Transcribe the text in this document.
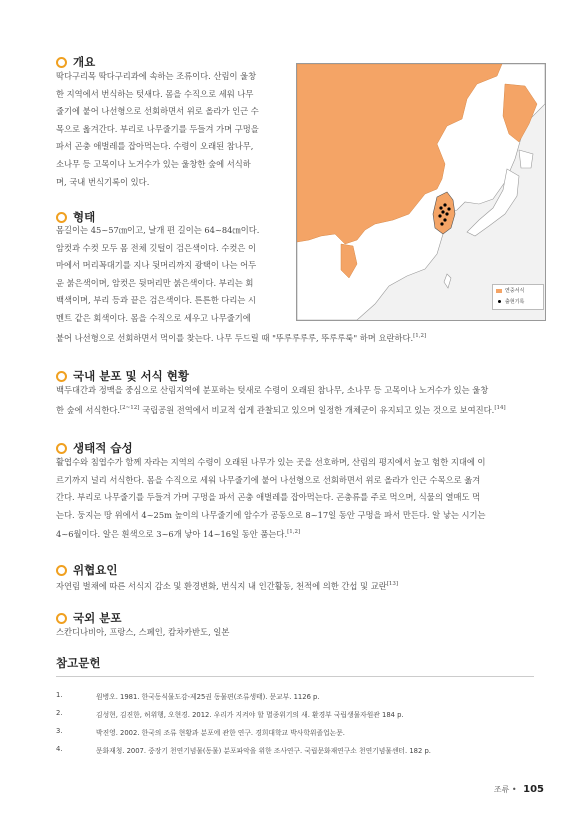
개요

딱다구리목 딱다구리과에 속하는 조류이다. 산림이 울창
한 지역에서 번식하는 텃새다. 몸을 수직으로 세워 나무
줄기에 붙어 나선형으로 선회하면서 위로 올라가 인근 수
목으로 옮겨간다. 부리로 나무줄기를 두들겨 가며 구멍을
파서 곤충 애벌레를 잡아먹는다. 수령이 오래된 참나무,
소나무 등 고목이나 노거수가 있는 울창한 숲에 서식하
며, 국내 번식기록이 있다.

형태

몸길이는 45~57㎝이고, 날개 편 길이는 64~84㎝이다.
암컷과 수컷 모두 몸 전체 깃털이 검은색이다. 수컷은 이
마에서 머리꼭대기를 지나 뒷머리까지 광택이 나는 어두
운 붉은색이며, 암컷은 뒷머리만 붉은색이다. 부리는 회
백색이며, 부리 등과 끝은 검은색이다. 튼튼한 다리는 시
멘트 같은 회색이다. 몸을 수직으로 세우고 나무줄기에
붙어 나선형으로 선회하면서 먹이를 찾는다. 나무 두드릴 때 "뚜루루루루, 뚜루루룩" 하며 요란하다.[1,2]

연중서식
출현기록
국내 분포 및 서식 현황

백두대간과 정맥을 중심으로 산림지역에 분포하는 텃새로 수령이 오래된 참나무, 소나무 등 고목이나 노거수가 있는 울창
한 숲에 서식한다.[2~12] 국립공원 전역에서 비교적 쉽게 관찰되고 있으며 일정한 개체군이 유지되고 있는 것으로 보여진다.[14]

생태적 습성

활엽수와 침엽수가 함께 자라는 지역의 수령이 오래된 나무가 있는 곳을 선호하며, 산림의 평지에서 높고 험한 지대에 이
르기까지 널리 서식한다. 몸을 수직으로 세워 나무줄기에 붙어 나선형으로 선회하면서 위로 올라가 인근 수목으로 옮겨
간다. 부리로 나무줄기를 두들겨 가며 구멍을 파서 곤충 애벌레를 잡아먹는다. 곤충류를 주로 먹으며, 식물의 열매도 먹
는다. 둥지는 땅 위에서 4~25m 높이의 나무줄기에 암수가 공동으로 8~17일 동안 구멍을 파서 만든다. 알 낳는 시기는
4~6월이다. 알은 흰색으로 3~6개 낳아 14~16일 동안 품는다.[1,2]

위협요인

자연림 벌채에 따른 서식지 감소 및 환경변화, 번식지 내 인간활동, 천적에 의한 간섭 및 교란[13]

국외 분포

스칸디나비아, 프랑스, 스페인, 캄차카반도, 일본

참고문헌
1.	원병오. 1981. 한국동식물도감-제25권 동물편(조류생태). 문교부. 1126 p.
2.	김성현, 김진한, 허위행, 오현경. 2012. 우리가 지켜야 할 멸종위기의 새. 환경부 국립생물자원관 184 p.
3.	박진영. 2002. 한국의 조류 현황과 분포에 관한 연구. 경희대학교 박사학위졸업논문.
4.	문화재청. 2007. 중장기 천연기념물(동물) 분포파악을 위한 조사연구. 국립문화재연구소 천연기념물센터. 182 p.
조류 • 105
